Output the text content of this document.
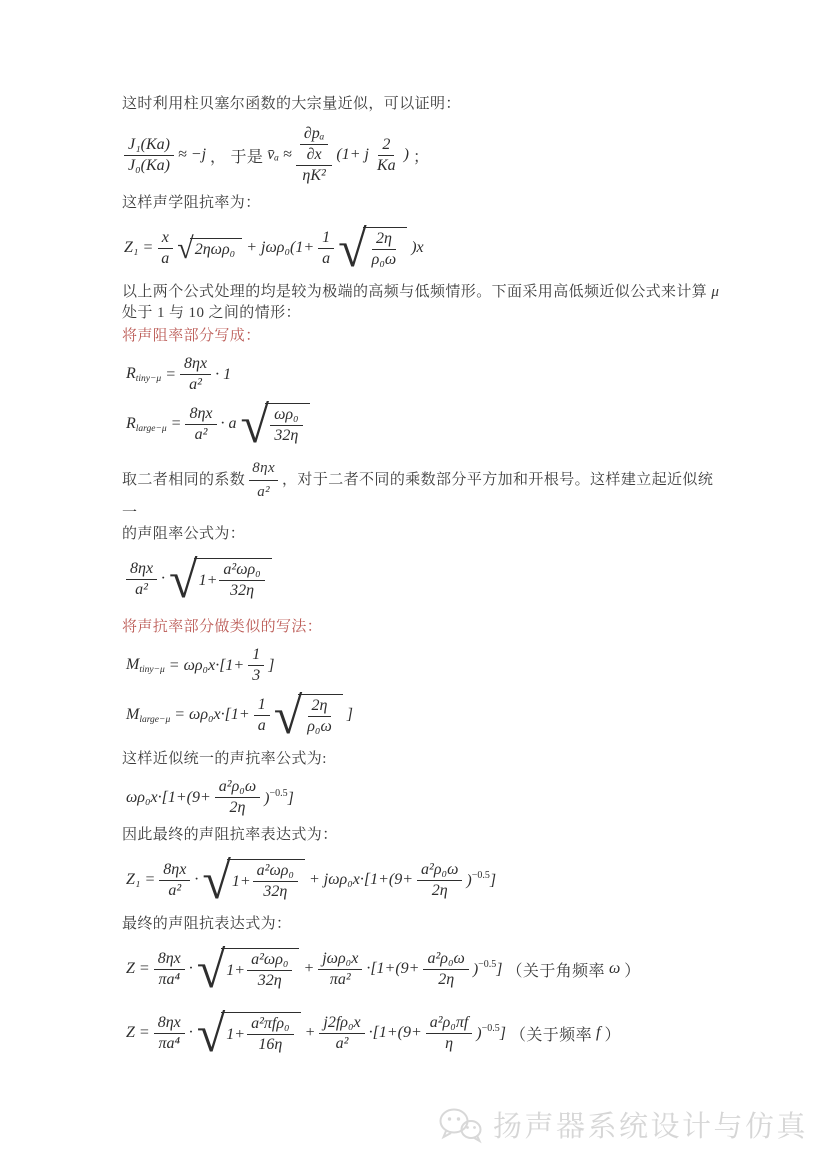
这时利用柱贝塞尔函数的大宗量近似，可以证明：

$\frac{\text{J₁(Ka)}}{\text{J₀(Ka)}} \approx -j$ ， 于是 v̄ₐ ≈ $\frac{\frac{\text{∂pₐ}}{\partial x}}{\text{ηK²}} (1+ j \frac{2}{Ka}$ ) ；

这样声学阻抗率为：

$Z_1 = \frac{x}{a}$ √ $2\eta\omega\rho_0 + j\omega\rho_0(1+ \frac{1}{a}$ √ $\frac{2\eta}{\text{ρ₀ω}} )x$

以上两个公式处理的均是较为极端的高频与低频情形。下面采用高低频近似公式来计算 μ
处于 1 与 10 之间的情形：

将声阻率部分写成：

$R_{tiny-\mu} = \frac{8\eta x}{\text{a²}} \cdot 1$
$R_{large-\mu} = \frac{8\eta x}{\text{a²}} \cdot a$ √ $\frac{\text{ωρ₀}}{32\eta}$

取二者相同的系数 $\frac{8\eta x}{\text{a²}}$ ，对于二者不同的乘数部分平方加和开根号。这样建立起近似统一
的声阻率公式为：

$\frac{8\eta x}{\text{a²}}$ · √ $1+ \frac{\text{a²ωρ₀}}{32\eta}$

将声抗率部分做类似的写法：

$M_{tiny-\mu} = \omega\rho_0x\cdot[1+ \frac{1}{3}$ ]
$M_{large-\mu} = \omega\rho_0x\cdot[1+ \frac{1}{a}$ √ $\frac{2\eta}{\text{ρ₀ω}}$ ]

这样近似统一的声抗率公式为:

$\omega\rho_0x\cdot[1+(9+ \frac{\text{a²ρ₀ω}}{2\eta} )^{-0.5}]$

因此最终的声阻抗率表达式为：

$Z_1 = \frac{8\eta x}{\text{a²}}$ · √ $1+ \frac{\text{a²ωρ₀}}{32\eta} + j\omega\rho_0x\cdot[1+(9+ \frac{\text{a²ρ₀ω}}{2\eta} )^{-0.5}]$

最终的声阻抗表达式为：

$Z = \frac{8\eta x}{\text{πa⁴}}$ · √ $1+ \frac{\text{a²ωρ₀}}{32\eta} + \frac{\text{jωρ₀x}}{\text{πa²}} \cdot[1+(9+ \frac{\text{a²ρ₀ω}}{2\eta} )^{-0.5}]$ （关于角频率 ω ）
$Z = \frac{8\eta x}{\text{πa⁴}}$ · √ $1+ \frac{\text{a²πfρ₀}}{16\eta} + \frac{\text{j2fρ₀x}}{\text{a²}} \cdot[1+(9+ \frac{\text{a²ρ₀πf}}{\eta} )^{-0.5}]$ （关于频率 f ）
扬声器系统设计与仿真
